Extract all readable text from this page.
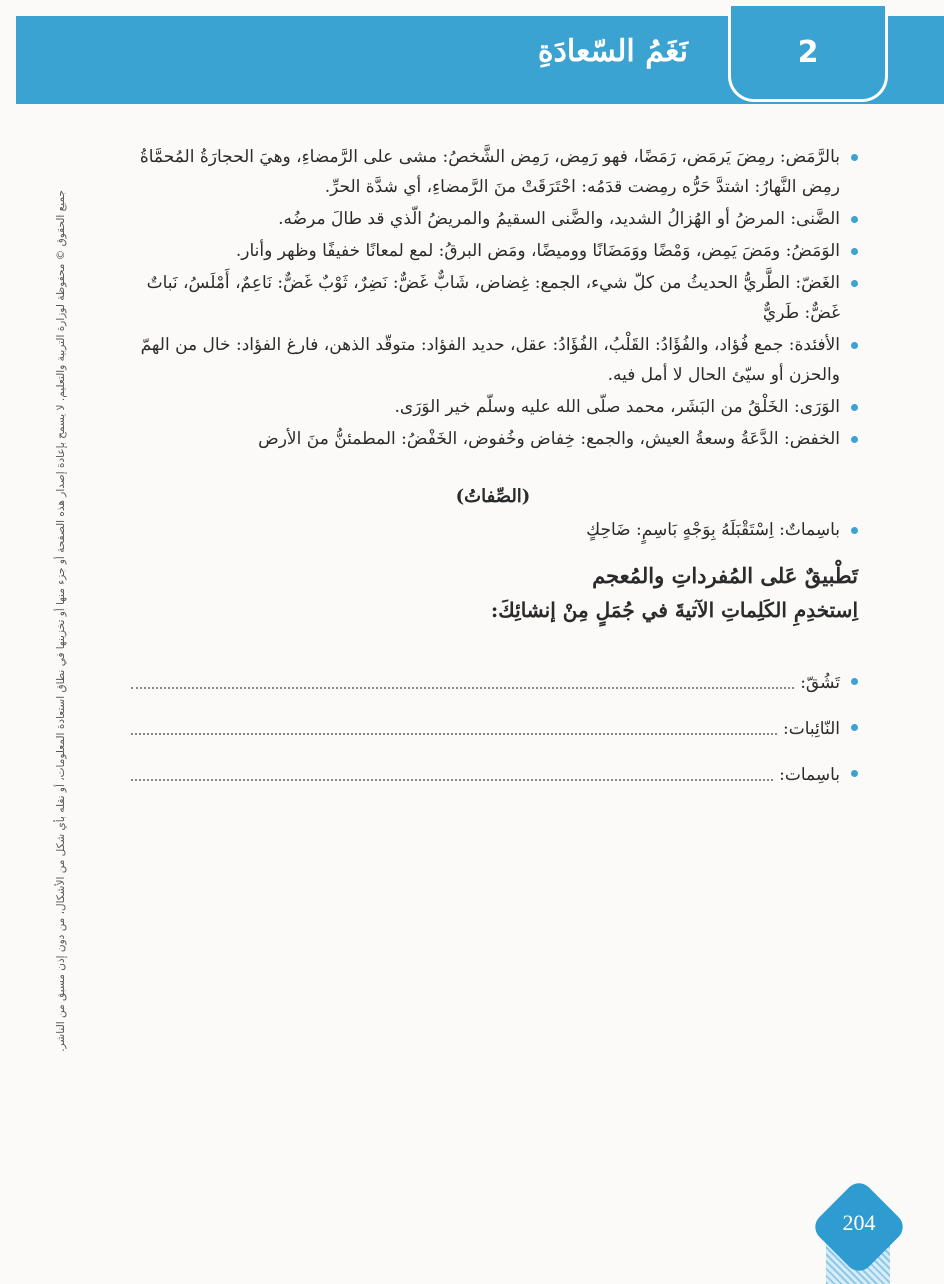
2
نَغَمُ السّعادَةِ
جميع الحقوق © محفوظة لوزارة التربية والتعليم. لا يسمح بإعادة إصدار هذه الصفحة أو جزء منها أو تخزينها في نطاق استعادة المعلومات، أو نقله بأي شكل من الأشكال، من دون إذن مسبق من الناشر.
بالرَّمَض: رمِضَ يَرمَض، رَمَضًا، فهو رَمِض، رَمِض الشَّخصُ: مشى على الرَّمضاءِ، وهيَ الحجارَةُ المُحمَّاةُ رمِض النَّهارُ: اشتدَّ حَرُّه رمِضت قدَمُه: احْتَرَقَتْ منَ الرَّمضاءِ، أي شدَّة الحرِّ.
الضَّنى: المرضُ أو الهُزالُ الشديد، والضَّنى السقيمُ والمريضُ الّذي قد طالَ مرضُه.
الوَمَضُ: ومَضَ يَمِض، وَمْضًا ووَمَضَانًا ووميضًا، ومَض البرقُ: لمع لمعانًا خفيفًا وظهر وأنار.
الغَضّ: الطَّريُّ الحديثُ من كلّ شيء، الجمع: غِضاض، شَابٌّ غَضٌّ: نَضِرٌ، ثَوْبٌ غَضٌّ: نَاعِمٌ، أَمْلَسُ، نَباتٌ غَضٌّ: طَريٌّ
الأفئدة: جمع فُؤاد، والفُؤَادُ: القَلْبُ، الفُؤَادُ: عقل، حديد الفؤاد: متوقّد الذهن، فارغ الفؤاد: خال من الهمّ والحزن أو سيّئ الحال لا أمل فيه.
الوَرَى: الخَلْقُ من البَشَر، محمد صلّى الله عليه وسلّم خير الوَرَى.
الخفض: الدَّعَةُ وسعةُ العيش، والجمع: خِفاض وخُفوض، الخَفْضُ: المطمئنُّ منَ الأرض
(الصِّفاتُ)
باسِماتٌ: اِسْتَقْبَلَهُ بِوَجْهٍ بَاسِمٍ: ضَاحِكٍ
تَطْبيقٌ عَلى المُفرداتِ والمُعجم
اِستخدِمِ الكَلِماتِ الآتيةَ في جُمَلٍ مِنْ إنشائِكَ:
تَشُقّ:
النّائِبات:
باسِمات:
204
